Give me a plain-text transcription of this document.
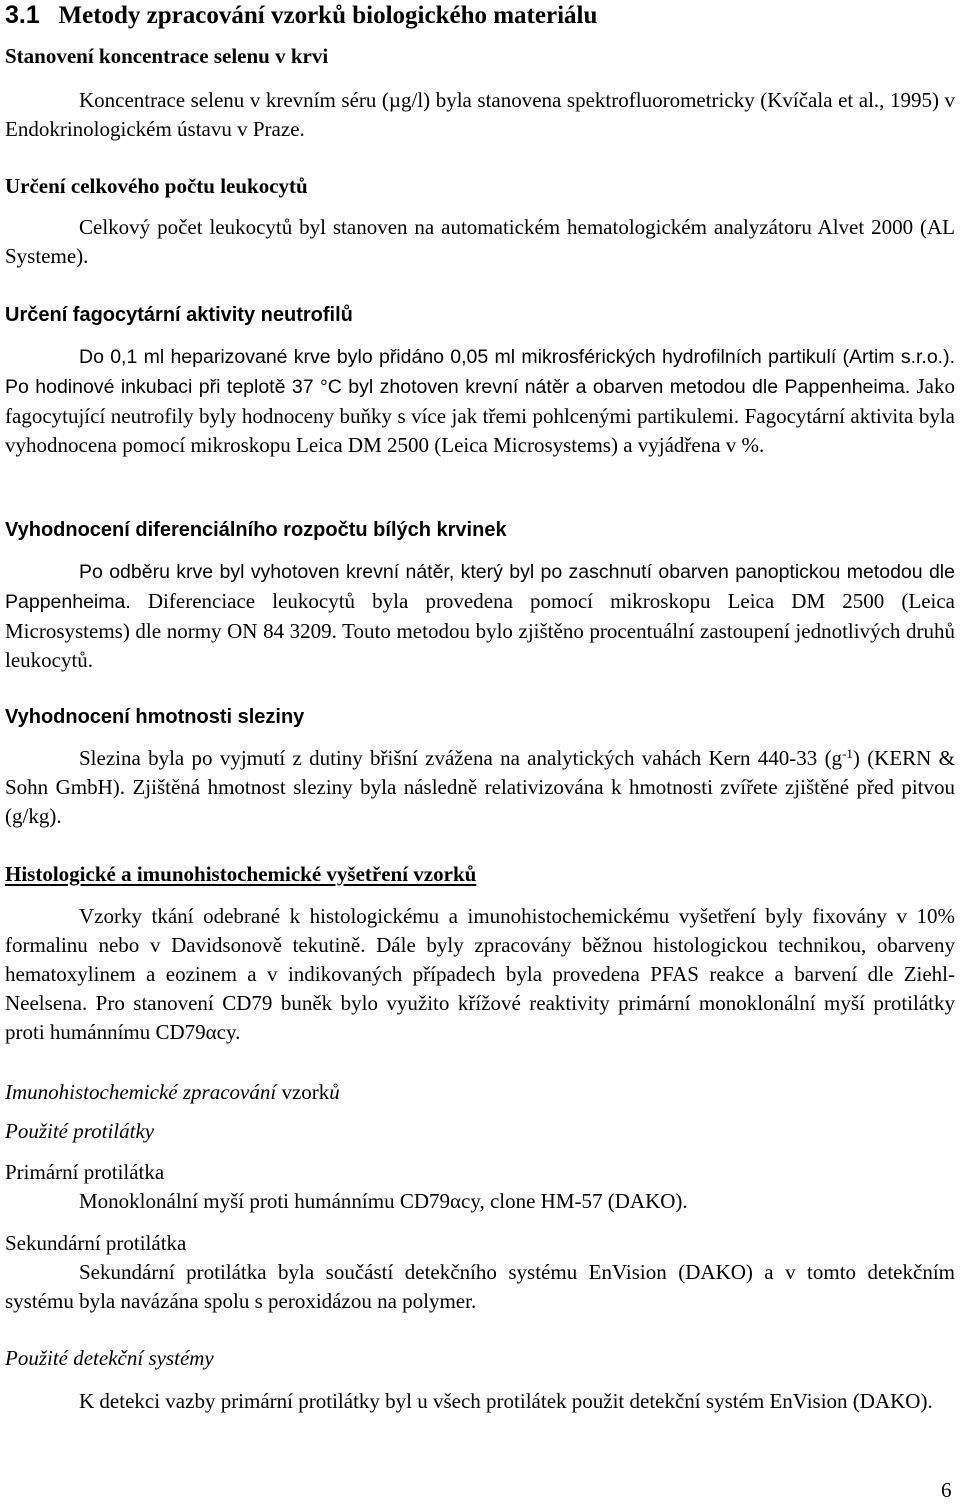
3.1 Metody zpracování vzorků biologického materiálu
Stanovení koncentrace selenu v krvi

Koncentrace selenu v krevním séru (µg/l) byla stanovena spektrofluorometricky (Kvíčala et al., 1995) v Endokrinologickém ústavu v Praze.

Určení celkového počtu leukocytů

Celkový počet leukocytů byl stanoven na automatickém hematologickém analyzátoru Alvet 2000 (AL Systeme).

Určení fagocytární aktivity neutrofilů

Do 0,1 ml heparizované krve bylo přidáno 0,05 ml mikrosférických hydrofilních partikulí (Artim s.r.o.). Po hodinové inkubaci při teplotě 37 °C byl zhotoven krevní nátěr a obarven metodou dle Pappenheima. Jako fagocytující neutrofily byly hodnoceny buňky s více jak třemi pohlcenými partikulemi. Fagocytární aktivita byla vyhodnocena pomocí mikroskopu Leica DM 2500 (Leica Microsystems) a vyjádřena v %.

Vyhodnocení diferenciálního rozpočtu bílých krvinek

Po odběru krve byl vyhotoven krevní nátěr, který byl po zaschnutí obarven panoptickou metodou dle Pappenheima. Diferenciace leukocytů byla provedena pomocí mikroskopu Leica DM 2500 (Leica Microsystems) dle normy ON 84 3209. Touto metodou bylo zjištěno procentuální zastoupení jednotlivých druhů leukocytů.

Vyhodnocení hmotnosti sleziny

Slezina byla po vyjmutí z dutiny břišní zvážena na analytických vahách Kern 440-33 $(g^{-1})$ (KERN & Sohn GmbH). Zjištěná hmotnost sleziny byla následně relativizována k hmotnosti zvířete zjištěné před pitvou (g/kg).

Histologické a imunohistochemické vyšetření vzorků

Vzorky tkání odebrané k histologickému a imunohistochemickému vyšetření byly fixovány v 10% formalinu nebo v Davidsonově tekutině. Dále byly zpracovány běžnou histologickou technikou, obarveny hematoxylinem a eozinem a v indikovaných případech byla provedena PFAS reakce a barvení dle Ziehl-Neelsena. Pro stanovení CD79 buněk bylo využito křížové reaktivity primární monoklonální myší protilátky proti humánnímu CD79αcy.

Imunohistochemické zpracování vzorků
Použité protilátky
Primární protilátka

Monoklonální myší proti humánnímu CD79αcy, clone HM-57 (DAKO).

Sekundární protilátka

Sekundární protilátka byla součástí detekčního systému EnVision (DAKO) a v tomto detekčním systému byla navázána spolu s peroxidázou na polymer.

Použité detekční systémy

K detekci vazby primární protilátky byl u všech protilátek použit detekční systém EnVision (DAKO).

6
